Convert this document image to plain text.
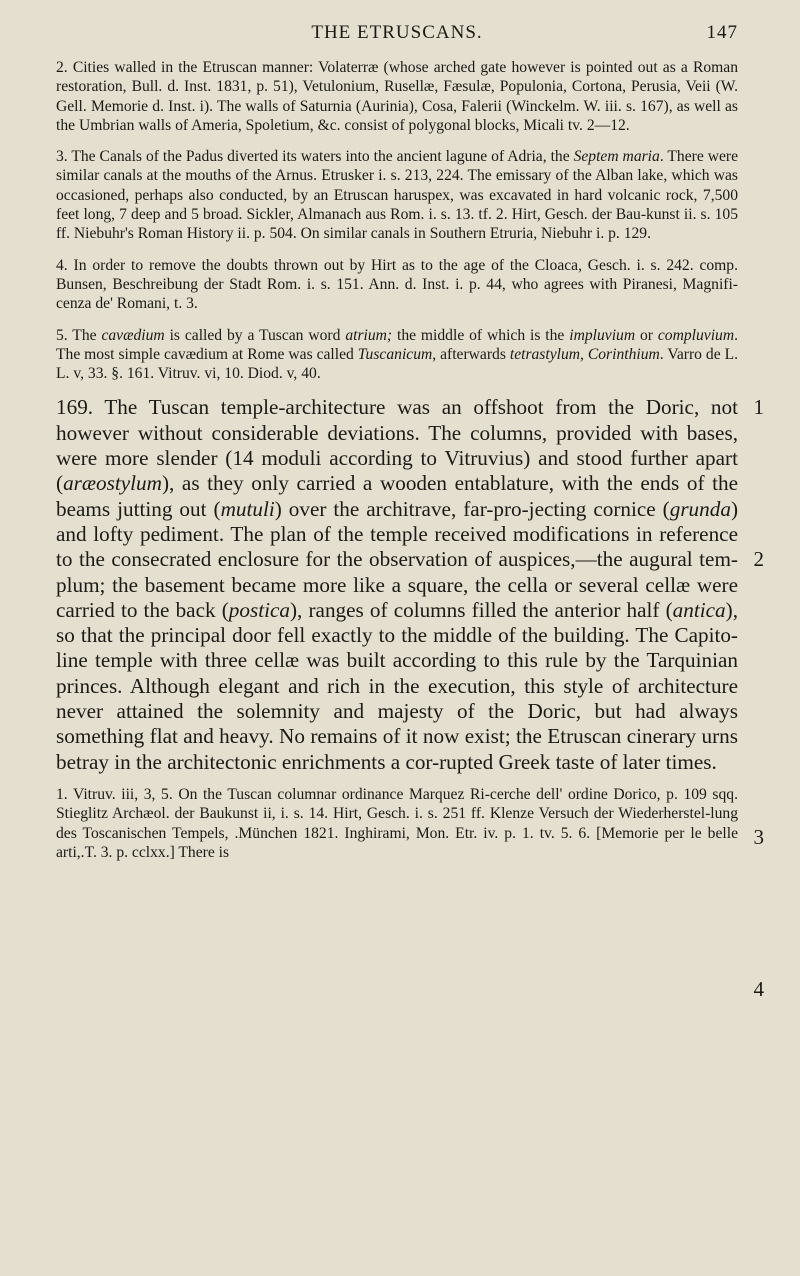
THE ETRUSCANS.	147

2. Cities walled in the Etruscan manner: Volaterræ (whose arched gate however is pointed out as a Roman restoration, Bull. d. Inst. 1831, p. 51), Vetulonium, Rusellæ, Fæsulæ, Populonia, Cortona, Perusia, Veii (W. Gell. Memorie d. Inst. i). The walls of Saturnia (Aurinia), Cosa, Falerii (Winckelm. W. iii. s. 167), as well as the Umbrian walls of Ameria, Spoletium, &c. consist of polygonal blocks, Micali tv. 2—12.

3. The Canals of the Padus diverted its waters into the ancient lagune of Adria, the Septem maria. There were similar canals at the mouths of the Arnus. Etrusker i. s. 213, 224. The emissary of the Alban lake, which was occasioned, perhaps also conducted, by an Etruscan haruspex, was excavated in hard volcanic rock, 7,500 feet long, 7 deep and 5 broad. Sickler, Almanach aus Rom. i. s. 13. tf. 2. Hirt, Gesch. der Bau-kunst ii. s. 105 ff. Niebuhr's Roman History ii. p. 504. On similar canals in Southern Etruria, Niebuhr i. p. 129.

4. In order to remove the doubts thrown out by Hirt as to the age of the Cloaca, Gesch. i. s. 242. comp. Bunsen, Beschreibung der Stadt Rom. i. s. 151. Ann. d. Inst. i. p. 44, who agrees with Piranesi, Magnifi-cenza de' Romani, t. 3.

5. The cavædium is called by a Tuscan word atrium; the middle of which is the impluvium or compluvium. The most simple cavædium at Rome was called Tuscanicum, afterwards tetrastylum, Corinthium. Varro de L. L. v, 33. §. 161. Vitruv. vi, 10. Diod. v, 40.

1
2
3
4
169. The Tuscan temple-architecture was an offshoot from the Doric, not however without considerable deviations. The columns, provided with bases, were more slender (14 moduli according to Vitruvius) and stood further apart (aræostylum), as they only carried a wooden entablature, with the ends of the beams jutting out (mutuli) over the architrave, far-pro-jecting cornice (grunda) and lofty pediment. The plan of the temple received modifications in reference to the consecrated enclosure for the observation of auspices,—the augural tem-plum; the basement became more like a square, the cella or several cellæ were carried to the back (postica), ranges of columns filled the anterior half (antica), so that the principal door fell exactly to the middle of the building. The Capito-line temple with three cellæ was built according to this rule by the Tarquinian princes. Although elegant and rich in the execution, this style of architecture never attained the solemnity and majesty of the Doric, but had always something flat and heavy. No remains of it now exist; the Etruscan cinerary urns betray in the architectonic enrichments a cor-rupted Greek taste of later times.

1. Vitruv. iii, 3, 5. On the Tuscan columnar ordinance Marquez Ri-cerche dell' ordine Dorico, p. 109 sqq. Stieglitz Archæol. der Baukunst ii, i. s. 14. Hirt, Gesch. i. s. 251 ff. Klenze Versuch der Wiederherstel-lung des Toscanischen Tempels, .München 1821. Inghirami, Mon. Etr. iv. p. 1. tv. 5. 6. [Memorie per le belle arti,.T. 3. p. cclxx.] There is
